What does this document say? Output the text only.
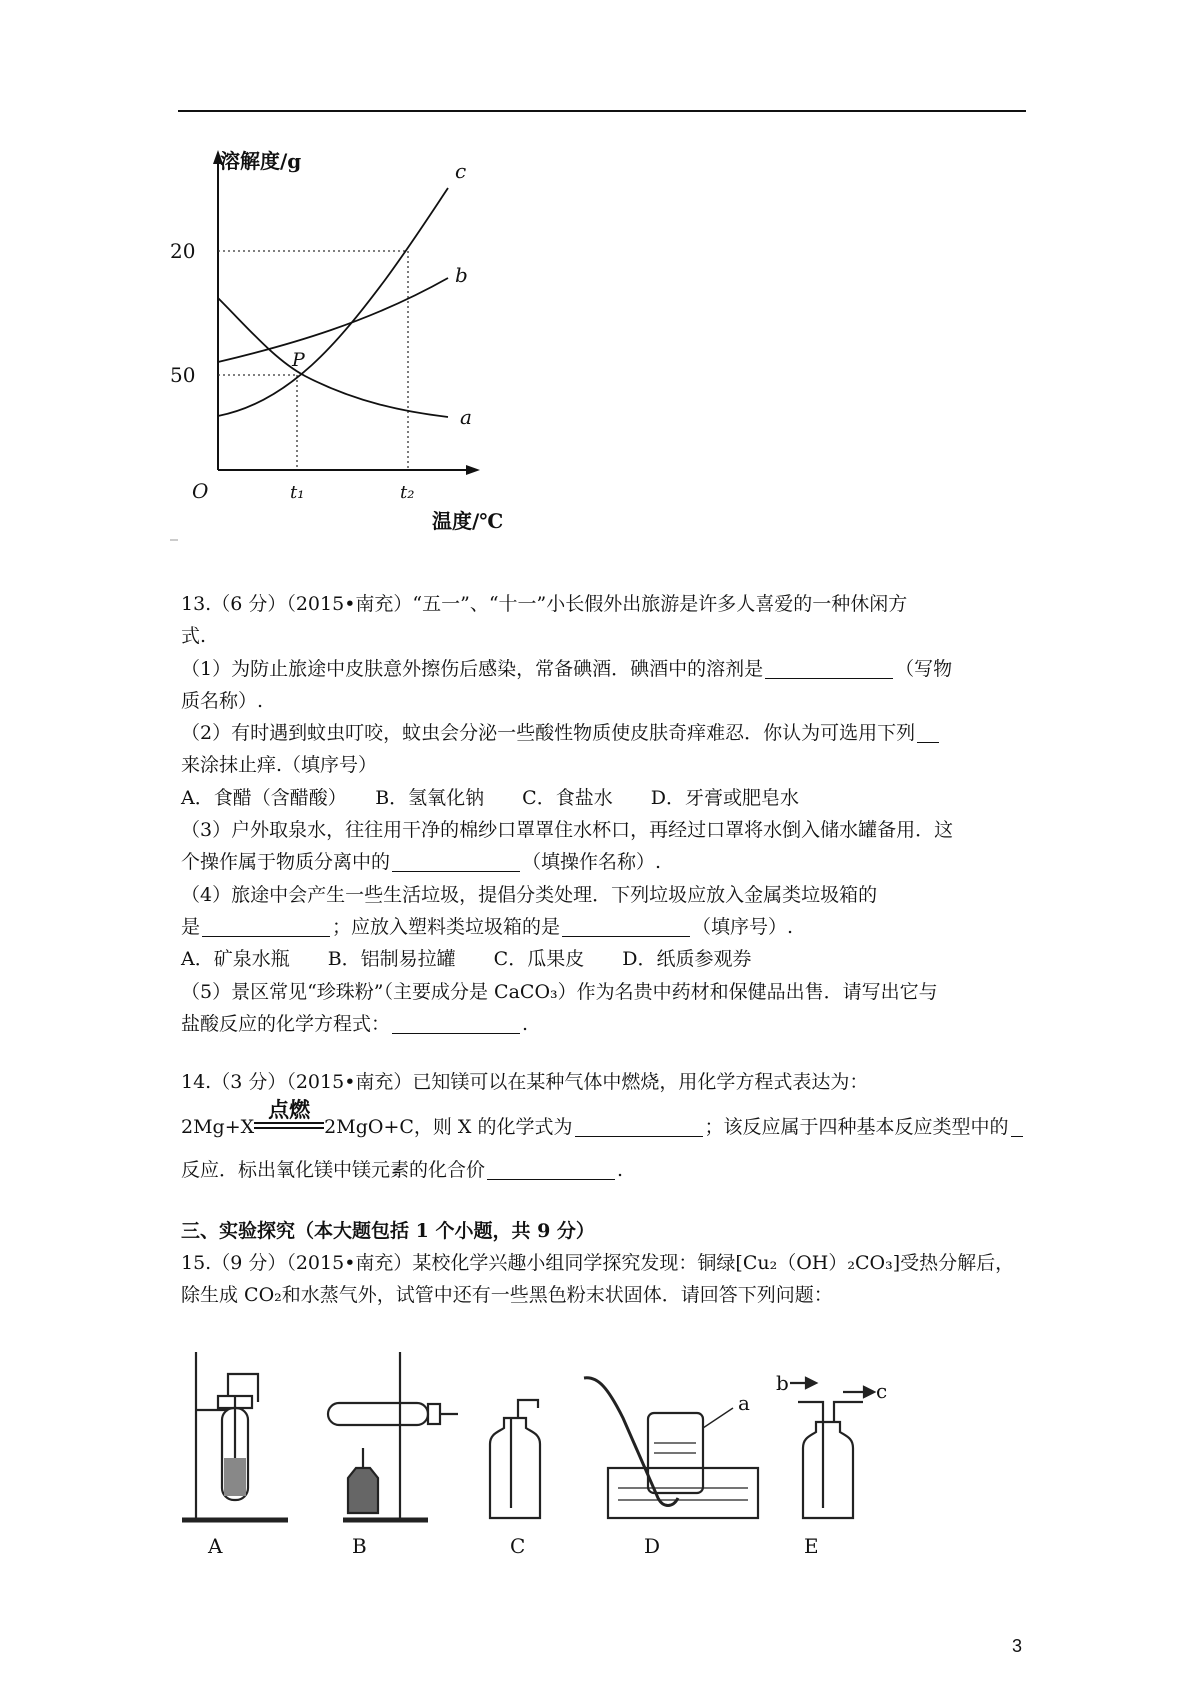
溶解度/g
20
50
O	t₁	t₂
温度/℃
P
c
b
a

13.（6 分）（2015•南充）“五一”、“十一”小长假外出旅游是许多人喜爱的一种休闲方

式.

（1）为防止旅途中皮肤意外擦伤后感染，常备碘酒．碘酒中的溶剂是	（写物

质名称）.

（2）有时遇到蚊虫叮咬，蚊虫会分泌一些酸性物质使皮肤奇痒难忍．你认为可选用下列

来涂抹止痒.（填序号）

A．食醋（含醋酸）　　B．氢氧化钠　　C．食盐水　　D．牙膏或肥皂水

（3）户外取泉水，往往用干净的棉纱口罩罩住水杯口，再经过口罩将水倒入储水罐备用．这

个操作属于物质分离中的	（填操作名称）.

（4）旅途中会产生一些生活垃圾，提倡分类处理．下列垃圾应放入金属类垃圾箱的

是	；应放入塑料类垃圾箱的是	（填序号）.

A．矿泉水瓶　　B．铝制易拉罐　　C．瓜果皮　　D．纸质参观券

（5）景区常见“珍珠粉”（主要成分是 CaCO₃）作为名贵中药材和保健品出售．请写出它与

盐酸反应的化学方程式：	.

14.（3 分）（2015•南充）已知镁可以在某种气体中燃烧，用化学方程式表达为：

2Mg+X
点燃
2MgO+C，则 X 的化学式为	；该反应属于四种基本反应类型中的

反应．标出氧化镁中镁元素的化合价	.

三、实验探究（本大题包括 1 个小题，共 9 分）

15.（9 分）（2015•南充）某校化学兴趣小组同学探究发现：铜绿[Cu₂（OH）₂CO₃]受热分解后，

除生成 CO₂和水蒸气外，试管中还有一些黑色粉末状固体．请回答下列问题：

A	B	C	D	E
a
b	c
3
